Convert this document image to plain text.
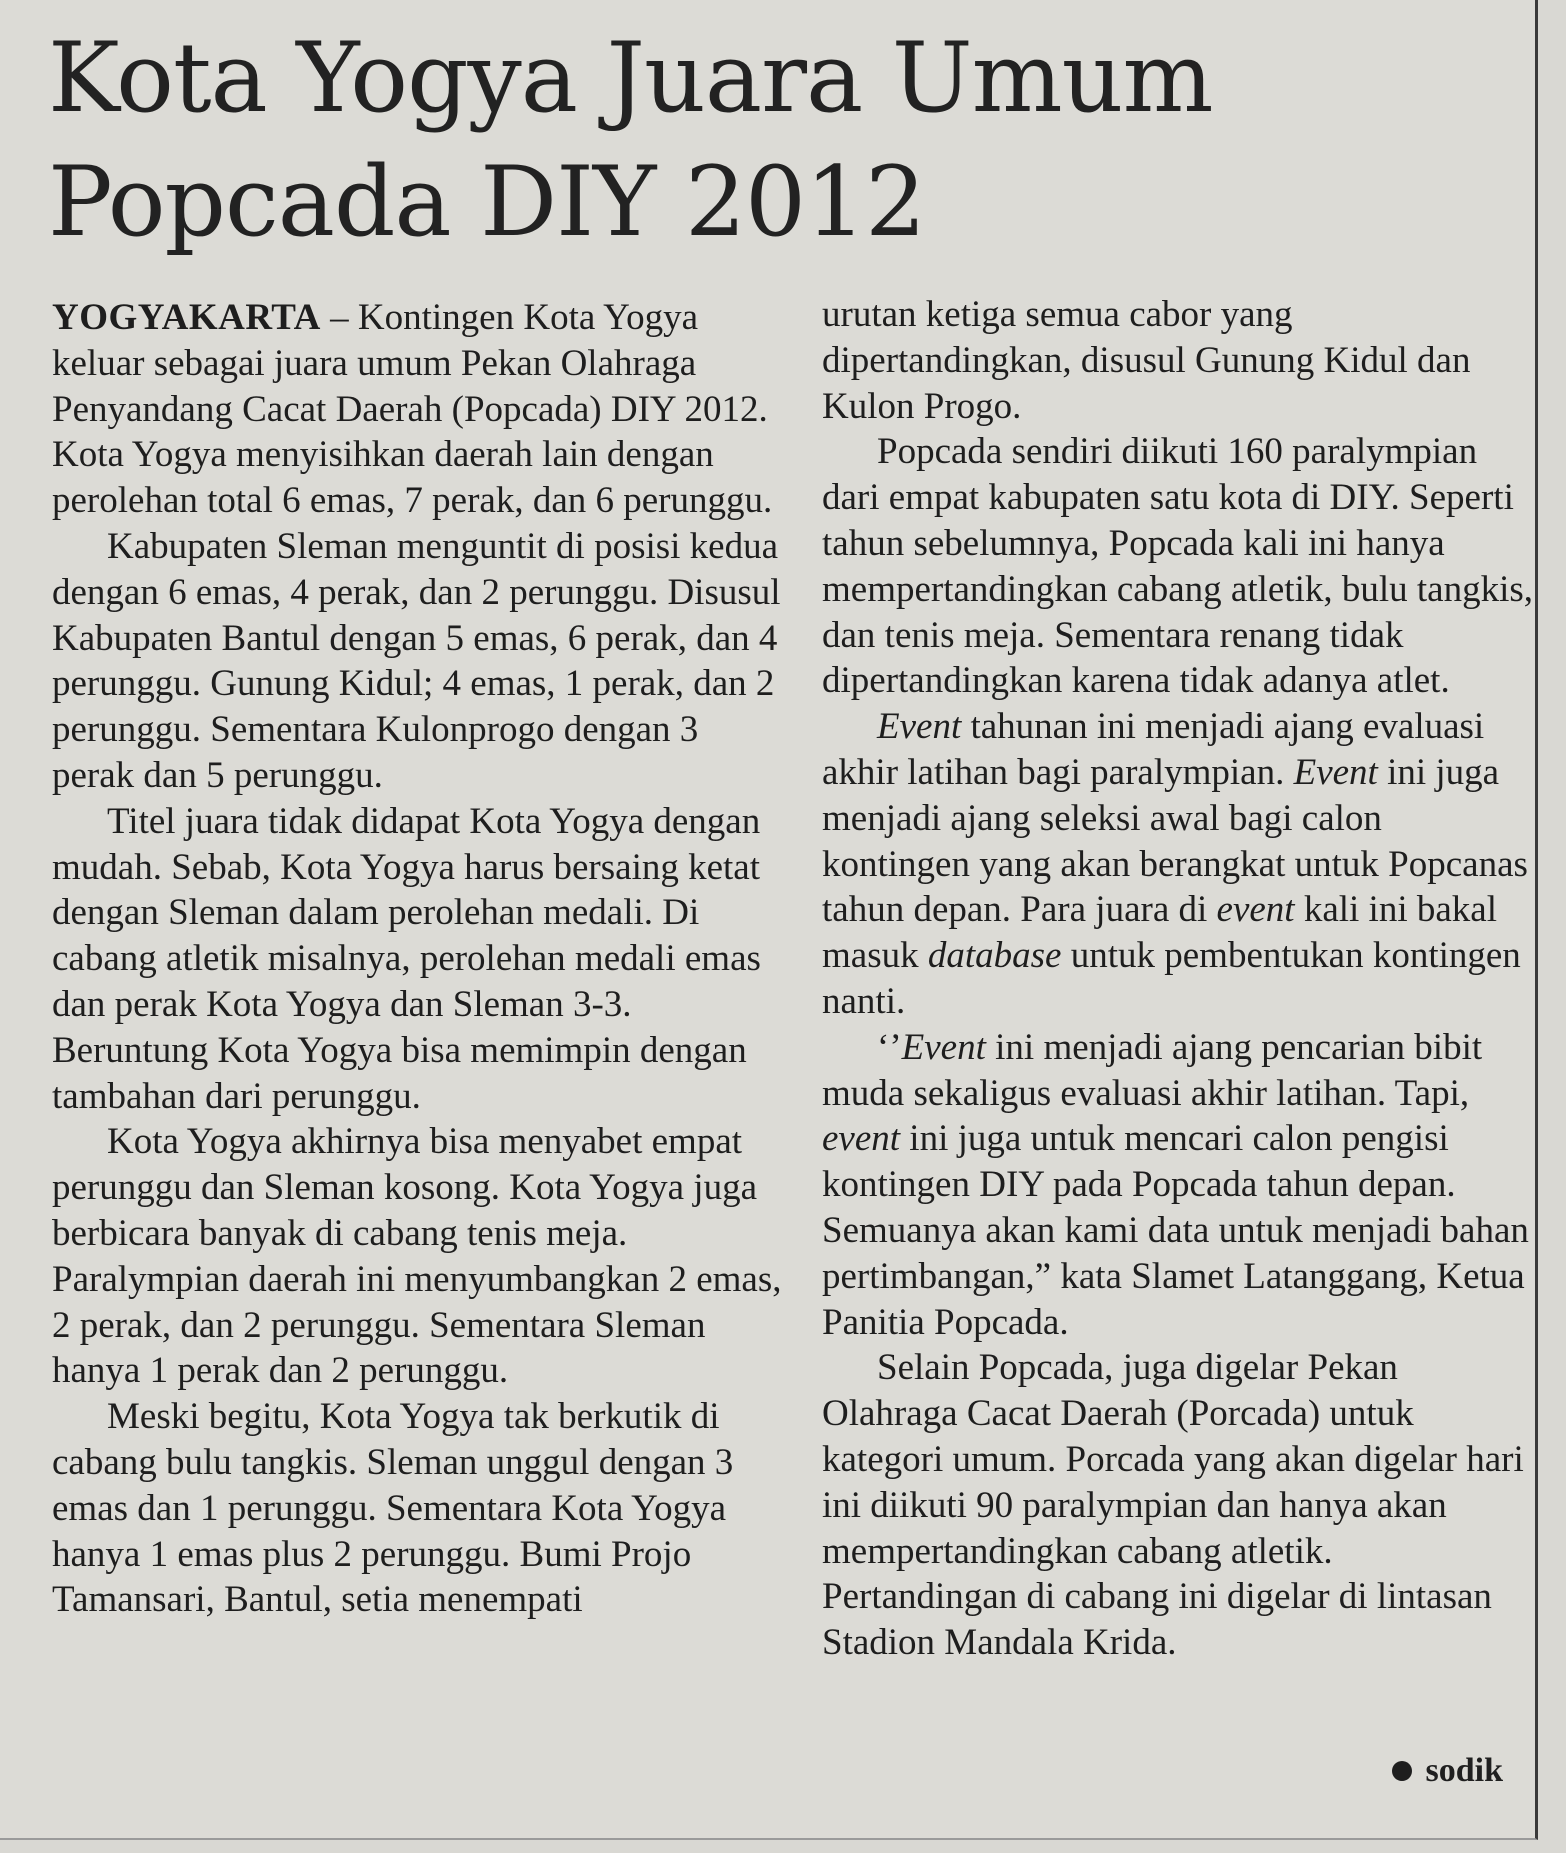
Kota Yogya Juara Umum
Popcada DIY 2012

YOGYAKARTA – Kontingen Kota Yogya keluar sebagai juara umum Pekan Olahraga Penyandang Cacat Daerah (Popcada) DIY 2012. Kota Yogya menyisihkan daerah lain dengan perolehan total 6 emas, 7 perak, dan 6 perunggu.

Kabupaten Sleman menguntit di posisi kedua dengan 6 emas, 4 perak, dan 2 perunggu. Disusul Kabupaten Bantul dengan 5 emas, 6 perak, dan 4 perunggu. Gunung Kidul; 4 emas, 1 perak, dan 2 perunggu. Sementara Kulonprogo dengan 3 perak dan 5 perunggu.

Titel juara tidak didapat Kota Yogya dengan mudah. Sebab, Kota Yogya harus bersaing ketat dengan Sleman dalam perolehan medali. Di cabang atletik misalnya, perolehan medali emas dan perak Kota Yogya dan Sleman 3-3. Beruntung Kota Yogya bisa memimpin dengan tambahan dari perunggu.

Kota Yogya akhirnya bisa menyabet empat perunggu dan Sleman kosong. Kota Yogya juga berbicara banyak di cabang tenis meja. Paralympian daerah ini menyumbangkan 2 emas, 2 perak, dan 2 perunggu. Sementara Sleman hanya 1 perak dan 2 perunggu.

Meski begitu, Kota Yogya tak berkutik di cabang bulu tangkis. Sleman unggul dengan 3 emas dan 1 perunggu. Sementara Kota Yogya hanya 1 emas plus 2 perunggu. Bumi Projo Tamansari, Bantul, setia menempati

urutan ketiga semua cabor yang dipertandingkan, disusul Gunung Kidul dan Kulon Progo.

Popcada sendiri diikuti 160 paralympian dari empat kabupaten satu kota di DIY. Seperti tahun sebelumnya, Popcada kali ini hanya mempertandingkan cabang atletik, bulu tangkis, dan tenis meja. Sementara renang tidak dipertandingkan karena tidak adanya atlet.

Event tahunan ini menjadi ajang evaluasi akhir latihan bagi paralympian. Event ini juga menjadi ajang seleksi awal bagi calon kontingen yang akan berangkat untuk Popcanas tahun depan. Para juara di event kali ini bakal masuk database untuk pembentukan kontingen nanti.

‘’Event ini menjadi ajang pencarian bibit muda sekaligus evaluasi akhir latihan. Tapi, event ini juga untuk mencari calon pengisi kontingen DIY pada Popcada tahun depan. Semuanya akan kami data untuk menjadi bahan pertimbangan,” kata Slamet Latanggang, Ketua Panitia Popcada.

Selain Popcada, juga digelar Pekan Olahraga Cacat Daerah (Porcada) untuk kategori umum. Porcada yang akan digelar hari ini diikuti 90 paralympian dan hanya akan mempertandingkan cabang atletik. Pertandingan di cabang ini digelar di lintasan Stadion Mandala Krida.

sodik
